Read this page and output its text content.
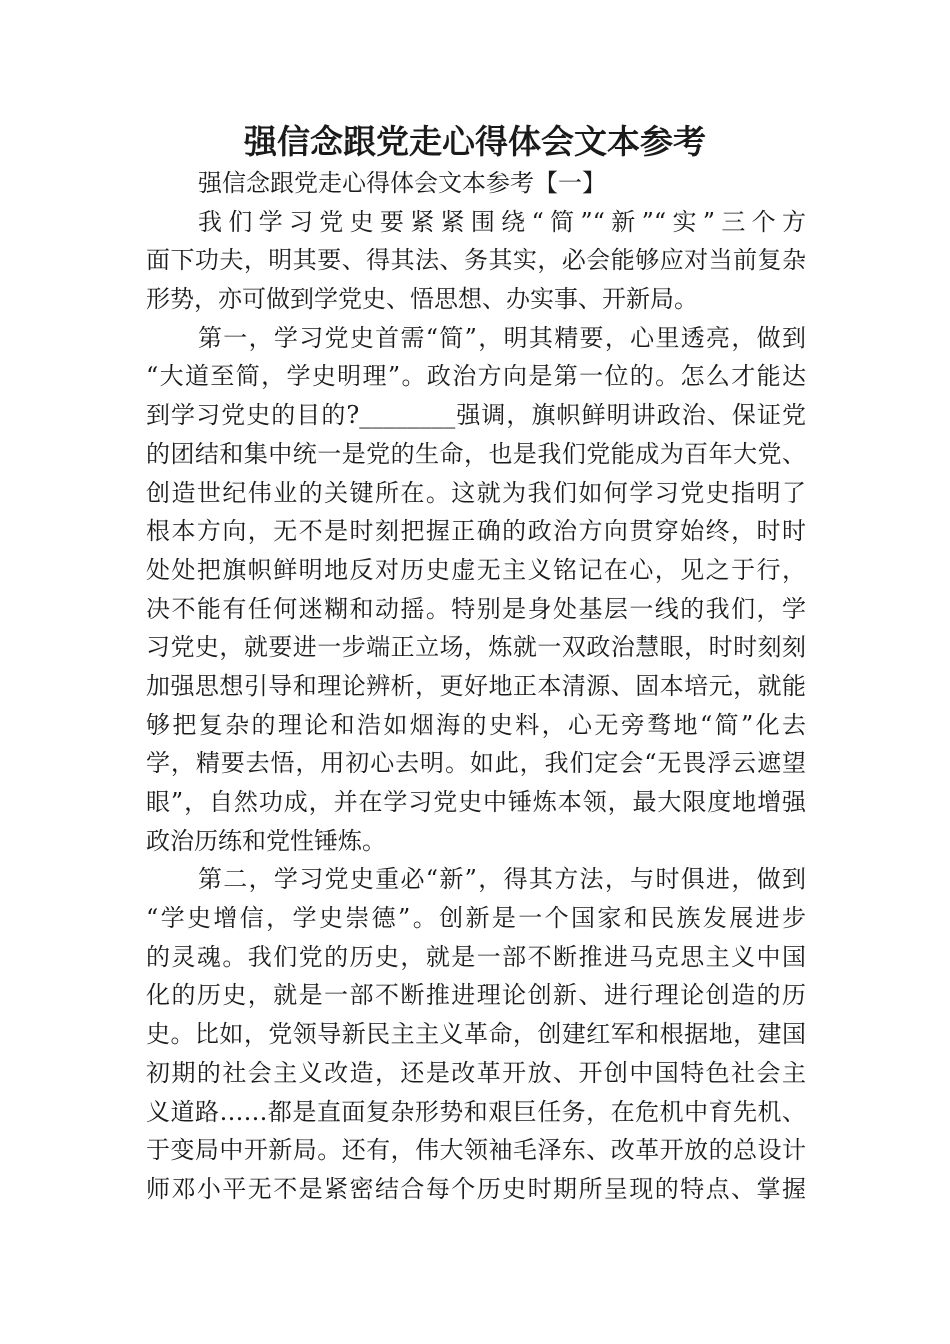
强信念跟党走心得体会文本参考
强信念跟党走心得体会文本参考【一】
我们学习党史要紧紧围绕“简”“新”“实”三个方
面下功夫，明其要、得其法、务其实，必会能够应对当前复杂
形势，亦可做到学党史、悟思想、办实事、开新局。
第一，学习党史首需“简”，明其精要，心里透亮，做到
“大道至简，学史明理”。政治方向是第一位的。怎么才能达
到学习党史的目的?________强调，旗帜鲜明讲政治、保证党
的团结和集中统一是党的生命，也是我们党能成为百年大党、
创造世纪伟业的关键所在。这就为我们如何学习党史指明了
根本方向，无不是时刻把握正确的政治方向贯穿始终，时时
处处把旗帜鲜明地反对历史虚无主义铭记在心，见之于行，
决不能有任何迷糊和动摇。特别是身处基层一线的我们，学
习党史，就要进一步端正立场，炼就一双政治慧眼，时时刻刻
加强思想引导和理论辨析，更好地正本清源、固本培元，就能
够把复杂的理论和浩如烟海的史料，心无旁骛地“简”化去
学，精要去悟，用初心去明。如此，我们定会“无畏浮云遮望
眼”，自然功成，并在学习党史中锤炼本领，最大限度地增强
政治历练和党性锤炼。
第二，学习党史重必“新”，得其方法，与时俱进，做到
“学史增信，学史崇德”。创新是一个国家和民族发展进步
的灵魂。我们党的历史，就是一部不断推进马克思主义中国
化的历史，就是一部不断推进理论创新、进行理论创造的历
史。比如，党领导新民主主义革命，创建红军和根据地，建国
初期的社会主义改造，还是改革开放、开创中国特色社会主
义道路……都是直面复杂形势和艰巨任务，在危机中育先机、
于变局中开新局。还有，伟大领袖毛泽东、改革开放的总设计
师邓小平无不是紧密结合每个历史时期所呈现的特点、掌握
